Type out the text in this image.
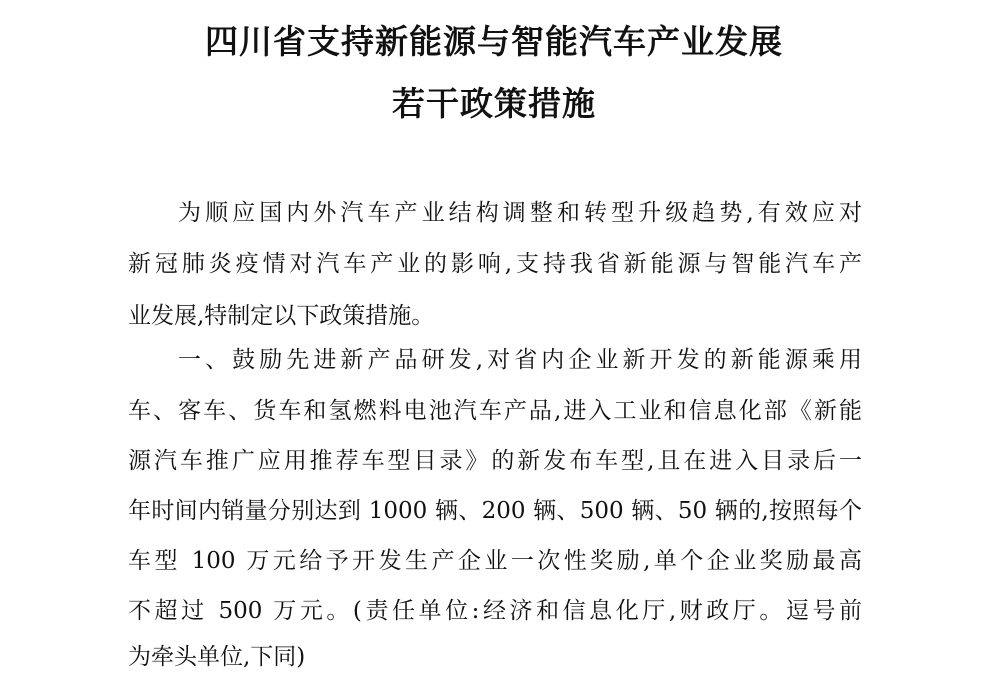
四川省支持新能源与智能汽车产业发展
若干政策措施

为顺应国内外汽车产业结构调整和转型升级趋势,有效应对

新冠肺炎疫情对汽车产业的影响,支持我省新能源与智能汽车产

业发展,特制定以下政策措施。

一、鼓励先进新产品研发,对省内企业新开发的新能源乘用

车、客车、货车和氢燃料电池汽车产品,进入工业和信息化部《新能

源汽车推广应用推荐车型目录》的新发布车型,且在进入目录后一

年时间内销量分别达到 1000 辆、200 辆、500 辆、50 辆的,按照每个

车型 100 万元给予开发生产企业一次性奖励,单个企业奖励最高

不超过 500 万元。(责任单位:经济和信息化厅,财政厅。逗号前

为牵头单位,下同)
